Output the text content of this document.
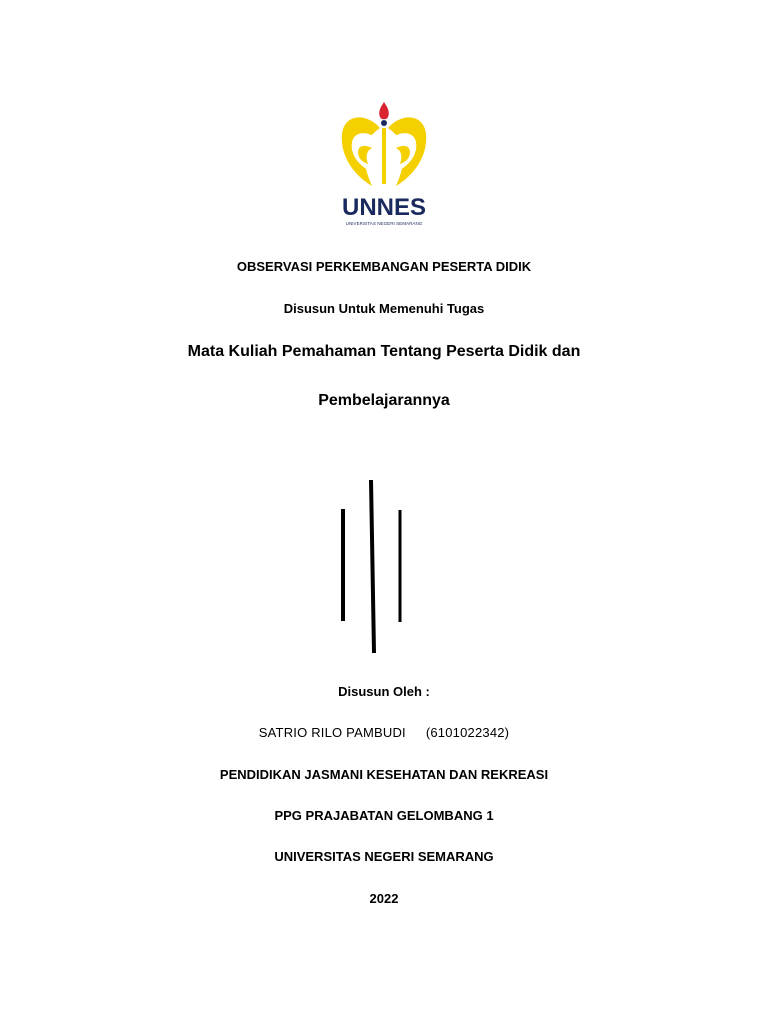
UNNES
UNIVERSITAS NEGERI SEMARANG
OBSERVASI PERKEMBANGAN PESERTA DIDIK
Disusun Untuk Memenuhi Tugas
Mata Kuliah Pemahaman Tentang Peserta Didik dan
Pembelajarannya
Disusun Oleh :
SATRIO RILO PAMBUDI (6101022342)
PENDIDIKAN JASMANI KESEHATAN DAN REKREASI
PPG PRAJABATAN GELOMBANG 1
UNIVERSITAS NEGERI SEMARANG
2022
